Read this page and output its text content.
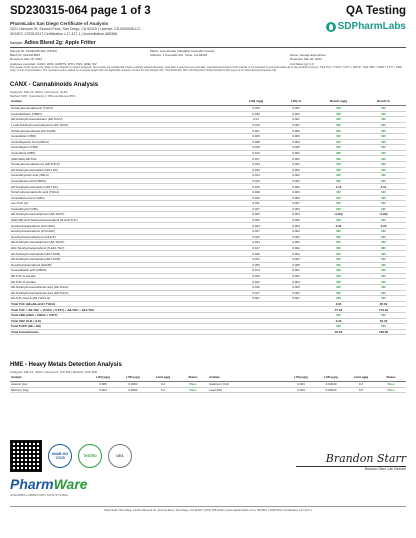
SD230315-064 page 1 of 3	QA Testing
PharmLabs San Diego Certificate of Analysis
3421 Hancock St, Second Floor, San Diego, CA 92110 | License: C8-0000098-LIC
ISO/IEC 17025:2017 Certification L17-427-1 | Accreditation #85368
SDPharmLabs
Sample: Adios Blend 2g: Apple Fritter
Sample ID: SD230315-064 (79914)	Matrix: Concentrate (Inhalable Cannabis Goods)
Batch ID: 6014/FHB45	Address: 1 Cannabis Rd., Irvine, CA 92618	Name: Savage Enterprises
Received: Mar 15, 2023	Reported: Mar 20, 2023
Analyses executed: CANX, HMS, HMMTS, MTO, PES, HME, MV	Unit Mass (g): 2.0
The results of this report only relate to the material or product analyzed. Test results are confidential unless explicitly waived otherwise. Void after 1 year from test end date. Cannabinoid content of this sample is not intended to give information as to the product's potency. Total THC = THCa * 0.877 + Δ9THC. Total CBD = CBDa * 0.877 + CBD. LOQ = Limit of Quantitation. The reported result is based on a sample weight with the applicable moisture content for that sample. ND = Not Detected. NR = Not Reported. Data provided in this report is for informational purposes only.
CANX - Cannabinoids Analysis
Analyzed: Mar 16, 2023 | Instrument: HLPC
Method SOP: Uncertainty ± 15% confidence 95%
Analyte	LOQ mg/g	LOQ %	Result mg/g	Result %
Tetrahydrocannabivarin (THCV)	0.039	0.004	ND	ND
Cannabidivarin (CBDV)	0.030	0.003	ND	ND
Δ8-Tetrahydrocannabivarin (Δ8-THCV)	0.01	0.001	ND	ND
(-)-Δ9-Tetrahydrocannabiphorol (Δ9-THCP)	0.013	0.001	ND	ND
Tetrahydrocannabutol (Δ9-THCB)	0.027	0.003	ND	ND
Cannabidiol (CBD)	0.025	0.003	ND	ND
Cannabigerolic Acid (CBGA)	0.035	0.004	ND	ND
Cannabigerol (CBG)	0.045	0.005	ND	ND
Cannabinol (CBN)	0.012	0.001	ND	ND
(6aR,9aR)-Δ8-THC	0.017	0.002	ND	ND
Tetrahydrocannabiphorol (Δ8-THCP)	0.044	0.004	ND	ND
Δ9-Tetrahydrocannabinol (Δ9-THC)	0.030	0.003	ND	ND
Cannabicyclolic acid (CBLA)	0.024	0.002	ND	ND
Cannabinolic acid (CBNA)	0.020	0.002	ND	ND
Δ8-Tetrahydrocannabinol (Δ8-THC)	0.015	0.002	1.13	0.11
Tetrahydrocannabinolic acid (THCA)	0.028	0.003	ND	ND
Cannabichromene (CBC)	0.033	0.003	ND	ND
exo-THC (Δ)	0.011	0.001	ND	ND
Cannabicyclol (CBL)	0.027	0.003	ND	ND
Δ9-Tetrahydrocannabiphorol (Δ9-THCP)	0.003	0.003	<LOQ	<LOQ
(6aR,9R)-Δ10-Tetrahydrocannabinol (R-Δ10-THC)	0.020	0.002	ND	ND
Hexahydrocannabinol (9-R-HHC)	0.023	0.002	2.34	0.23
Hexahydrocannabinol (9-S-HHC)	0.037	0.004	ND	ND
Hexahydrocannabiphorol (HHCP)	0.022	0.002	ND	ND
Δ8-Tetrahydrocannabiphorol (Δ8-THCP)	0.024	0.002	ND	ND
Δ10-Tetrahydrocannabinol (S-Δ10-THC)	0.017	0.002	ND	ND
Δ9-Tetrahydrocannabutol (Δ9-THCB)	0.039	0.004	ND	ND
Δ8-Tetrahydrocannabutol (Δ8-THCB)	0.041	0.004	ND	ND
Hexahydrocannabutol (HHCB)	0.050	0.005	ND	ND
Cannabidiolic acid (CBDA)	0.014	0.001	ND	ND
Δ8-THC-O acetate	0.043	0.004	ND	ND
Δ9-THC-O acetate	0.042	0.004	ND	ND
Δ8-Tetrahydrocannabinolic acid (Δ8-THCA)	0.046	0.005	ND	ND
Δ9-Tetrahydrocannabinolic acid (Δ9-THCA)	0.017	0.002	ND	ND
Δ9-THC-Acid-Δ (Δ9-THCA-Δ)	0.001	0.001	ND	ND
Total THC (Δ8+Δ9+Δ10 / THCA)			2.64	26.39
Total THC = Δ9-THC + (THCA × 0.877) + Δ8-THC + Δ10-THC			77.32	773.19
Total CBD (CBD + CBDA × 0.877)			ND	ND
Total HHC (9-R + 9-S)			2.34	23.43
Total THCP (Δ8 + Δ9)			ND	ND
Total Cannabinoids			79.93	799.38
HME - Heavy Metals Detection Analysis
Analyzed: Mar 16, 2023 | Instrument: ICP-MS | Method: SOP-008
Analyte	LOQ μg/g	LOD μg/g	Limit μg/g	Status	Analyte	LOQ μg/g	LOD μg/g	Limit μg/g	Status
Arsenic (As)	0.005	0.0003	0.2	Pass	Cadmium (Cd)	0.003	0.00040	0.2	Pass
Mercury (Hg)	0.004	0.0001	0.1	Pass	Lead (Pb)	0.003	0.00010	0.5	Pass
ANAB ISO 17025	TESTED	DEA
PharmWare
CANNABIS LABORATORY DATA SYSTEM
Brandon Starr
Brandon Starr, Lab Director
PharmLabs San Diego | 3421 Hancock St. Second Floor, San Diego, CA 92110 | (619) 356-3316 | www.sdpharmlabs.com | ISO/IEC 17025:2017 Certification L17-427-1
